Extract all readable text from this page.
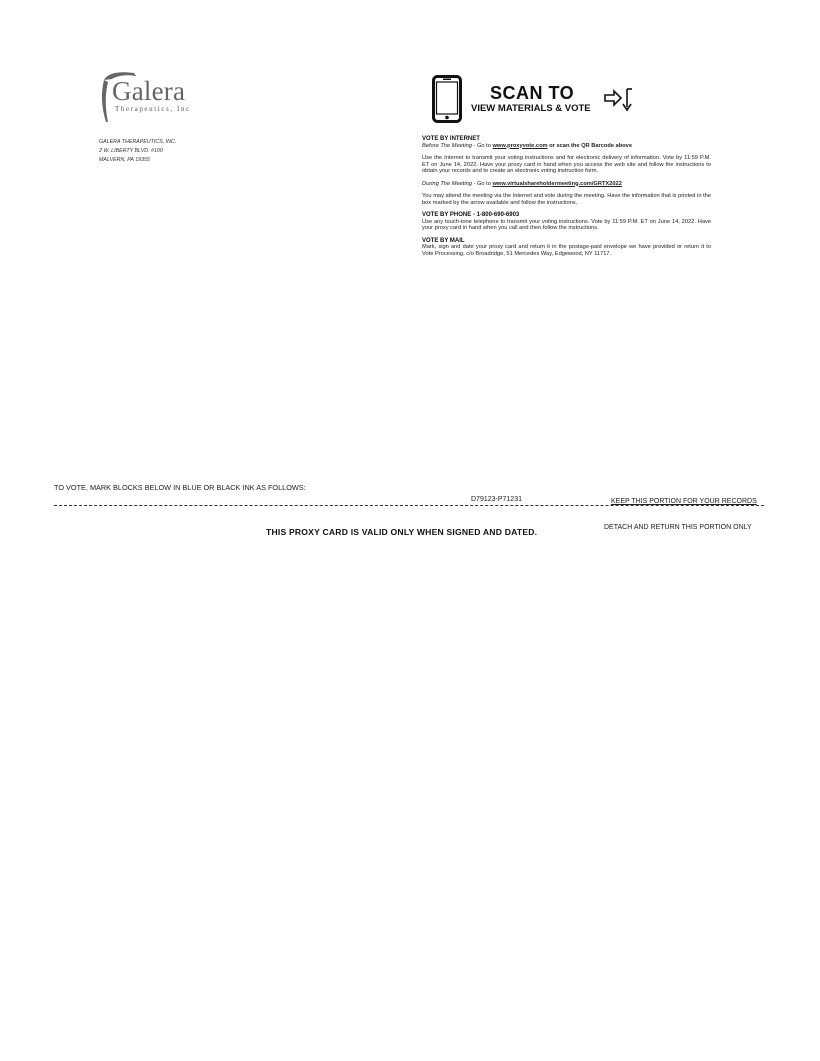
Galera
Therapeutics, Inc
GALERA THERAPEUTICS, INC.
2 W. LIBERTY BLVD. #100
MALVERN, PA 19355
SCAN TO
VIEW MATERIALS & VOTE
VOTE BY INTERNET
Before The Meeting - Go to www.proxyvote.com or scan the QR Barcode above
Use the Internet to transmit your voting instructions and for electronic delivery of information. Vote by 11:59 P.M. ET on June 14, 2022. Have your proxy card in hand when you access the web site and follow the instructions to obtain your records and to create an electronic voting instruction form.
During The Meeting - Go to www.virtualshareholdermeeting.com/GRTX2022
You may attend the meeting via the Internet and vote during the meeting. Have the information that is printed in the box marked by the arrow available and follow the instructions.
VOTE BY PHONE - 1-800-690-6903
Use any touch-tone telephone to transmit your voting instructions. Vote by 11:59 P.M. ET on June 14, 2022. Have your proxy card in hand when you call and then follow the instructions.
VOTE BY MAIL
Mark, sign and date your proxy card and return it in the postage-paid envelope we have provided or return it to Vote Processing, c/o Broadridge, 51 Mercedes Way, Edgewood, NY 11717.
TO VOTE, MARK BLOCKS BELOW IN BLUE OR BLACK INK AS FOLLOWS:
D79123-P71231	KEEP THIS PORTION FOR YOUR RECORDS
DETACH AND RETURN THIS PORTION ONLY
THIS PROXY CARD IS VALID ONLY WHEN SIGNED AND DATED.
